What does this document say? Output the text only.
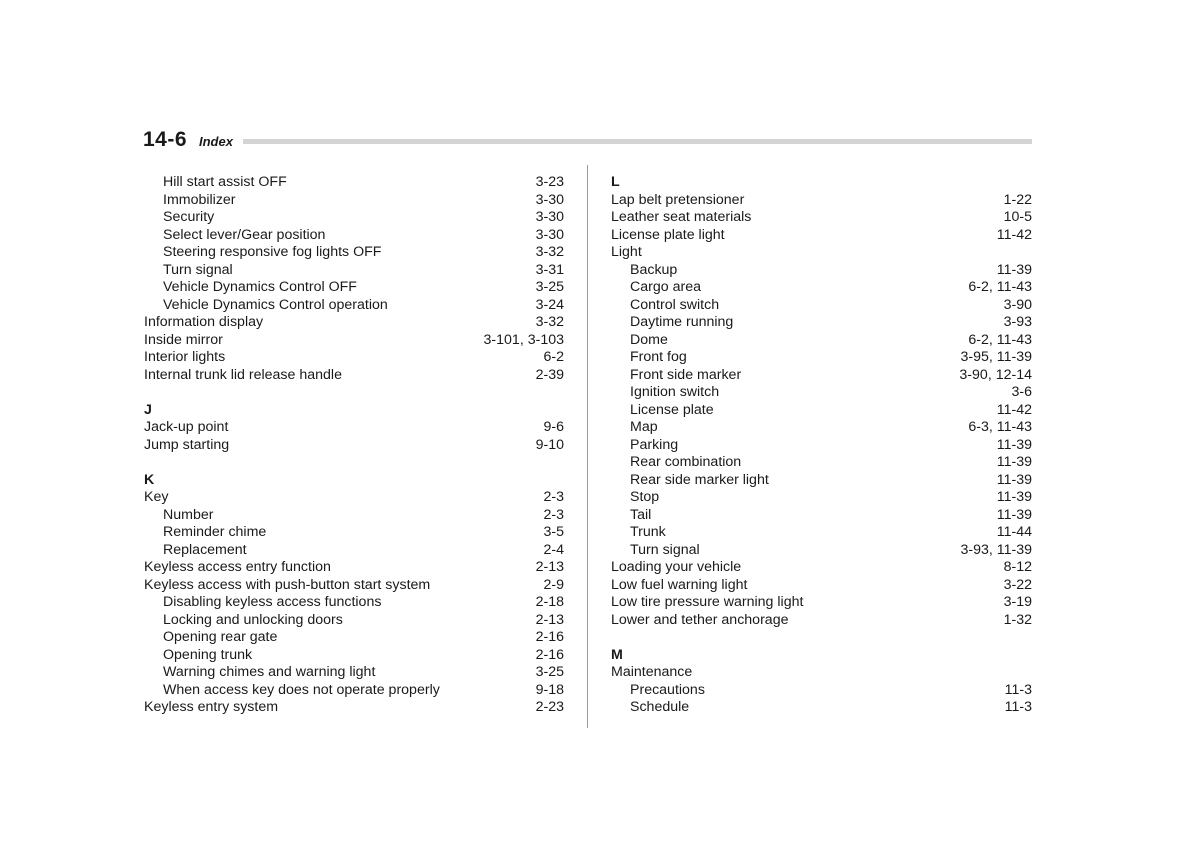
14-6 Index
Hill start assist OFF	3-23
Immobilizer	3-30
Security	3-30
Select lever/Gear position	3-30
Steering responsive fog lights OFF	3-32
Turn signal	3-31
Vehicle Dynamics Control OFF	3-25
Vehicle Dynamics Control operation	3-24
Information display	3-32
Inside mirror	3-101, 3-103
Interior lights	6-2
Internal trunk lid release handle	2-39
J
Jack-up point	9-6
Jump starting	9-10
K
Key	2-3
Number	2-3
Reminder chime	3-5
Replacement	2-4
Keyless access entry function	2-13
Keyless access with push-button start system	2-9
Disabling keyless access functions	2-18
Locking and unlocking doors	2-13
Opening rear gate	2-16
Opening trunk	2-16
Warning chimes and warning light	3-25
When access key does not operate properly	9-18
Keyless entry system	2-23
L
Lap belt pretensioner	1-22
Leather seat materials	10-5
License plate light	11-42
Light
Backup	11-39
Cargo area	6-2, 11-43
Control switch	3-90
Daytime running	3-93
Dome	6-2, 11-43
Front fog	3-95, 11-39
Front side marker	3-90, 12-14
Ignition switch	3-6
License plate	11-42
Map	6-3, 11-43
Parking	11-39
Rear combination	11-39
Rear side marker light	11-39
Stop	11-39
Tail	11-39
Trunk	11-44
Turn signal	3-93, 11-39
Loading your vehicle	8-12
Low fuel warning light	3-22
Low tire pressure warning light	3-19
Lower and tether anchorage	1-32
M
Maintenance
Precautions	11-3
Schedule	11-3
